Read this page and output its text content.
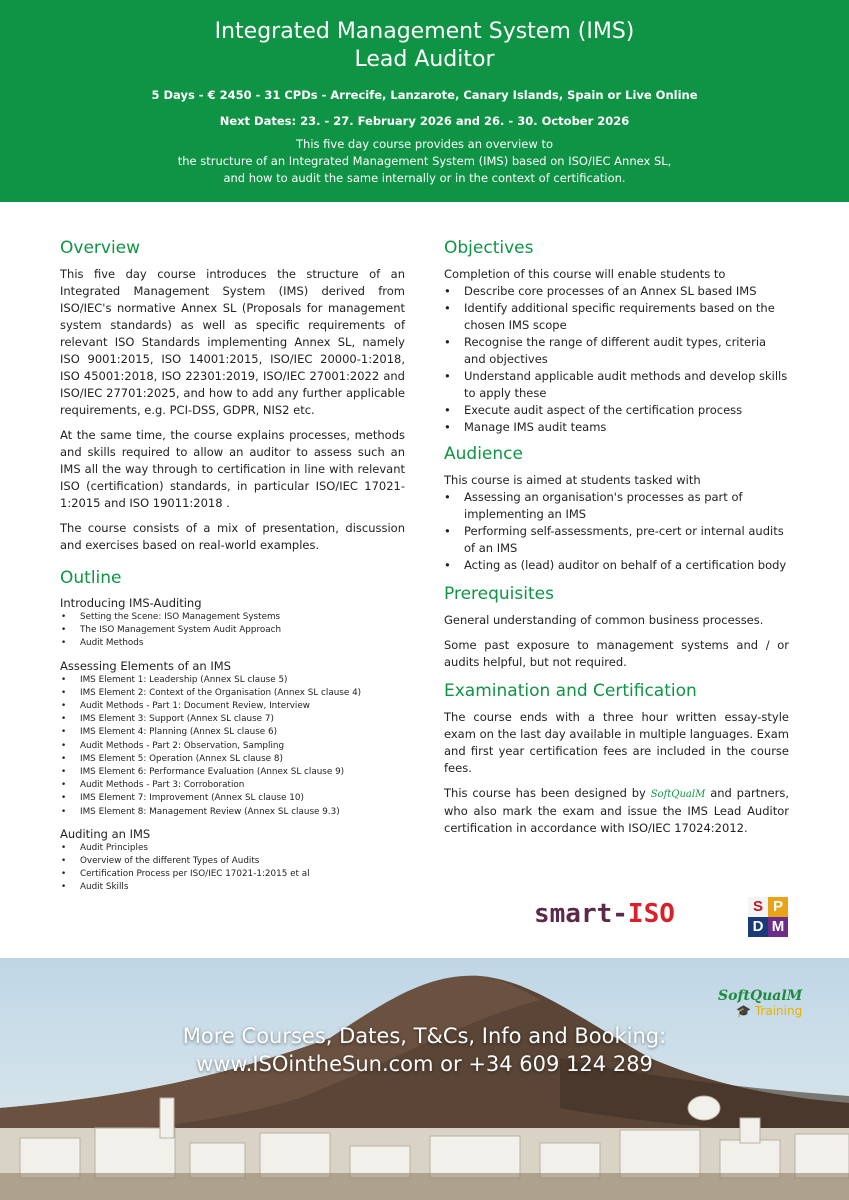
Integrated Management System (IMS)
Lead Auditor
5 Days - € 2450 - 31 CPDs - Arrecife, Lanzarote, Canary Islands, Spain or Live Online
Next Dates: 23. - 27. February 2026 and 26. - 30. October 2026
This five day course provides an overview to
the structure of an Integrated Management System (IMS) based on ISO/IEC Annex SL,
and how to audit the same internally or in the context of certification.
Overview

This five day course introduces the structure of an Integrated Management System (IMS) derived from ISO/IEC's normative Annex SL (Proposals for management system standards) as well as specific requirements of relevant ISO Standards implementing Annex SL, namely ISO 9001:2015, ISO 14001:2015, ISO/IEC 20000-1:2018, ISO 45001:2018, ISO 22301:2019, ISO/IEC 27001:2022 and ISO/IEC 27701:2025, and how to add any further applicable requirements, e.g. PCI-DSS, GDPR, NIS2 etc.

At the same time, the course explains processes, methods and skills required to allow an auditor to assess such an IMS all the way through to certification in line with relevant ISO (certification) standards, in particular ISO/IEC 17021-1:2015 and ISO 19011:2018 .

The course consists of a mix of presentation, discussion and exercises based on real-world examples.

Outline
Introducing IMS-Auditing
• Setting the Scene: ISO Management Systems
• The ISO Management System Audit Approach
• Audit Methods
Assessing Elements of an IMS
• IMS Element 1: Leadership (Annex SL clause 5)
• IMS Element 2: Context of the Organisation (Annex SL clause 4)
• Audit Methods - Part 1: Document Review, Interview
• IMS Element 3: Support (Annex SL clause 7)
• IMS Element 4: Planning (Annex SL clause 6)
• Audit Methods - Part 2: Observation, Sampling
• IMS Element 5: Operation (Annex SL clause 8)
• IMS Element 6: Performance Evaluation (Annex SL clause 9)
• Audit Methods - Part 3: Corroboration
• IMS Element 7: Improvement (Annex SL clause 10)
• IMS Element 8: Management Review (Annex SL clause 9.3)
Auditing an IMS
• Audit Principles
• Overview of the different Types of Audits
• Certification Process per ISO/IEC 17021-1:2015 et al
• Audit Skills
Objectives

Completion of this course will enable students to

• Describe core processes of an Annex SL based IMS
• Identify additional specific requirements based on the chosen IMS scope
• Recognise the range of different audit types, criteria and objectives
• Understand applicable audit methods and develop skills to apply these
• Execute audit aspect of the certification process
• Manage IMS audit teams
Audience

This course is aimed at students tasked with

• Assessing an organisation's processes as part of implementing an IMS
• Performing self-assessments, pre-cert or internal audits of an IMS
• Acting as (lead) auditor on behalf of a certification body
Prerequisites

General understanding of common business processes.

Some past exposure to management systems and / or audits helpful, but not required.

Examination and Certification

The course ends with a three hour written essay-style exam on the last day available in multiple languages. Exam and first year certification fees are included in the course fees.

This course has been designed by SoftQualM and partners, who also mark the exam and issue the IMS Lead Auditor certification in accordance with ISO/IEC 17024:2012.

smart-ISO	S P
D M
SoftQualM
🎓 Training
More Courses, Dates, T&Cs, Info and Booking:
www.ISOintheSun.com or +34 609 124 289
